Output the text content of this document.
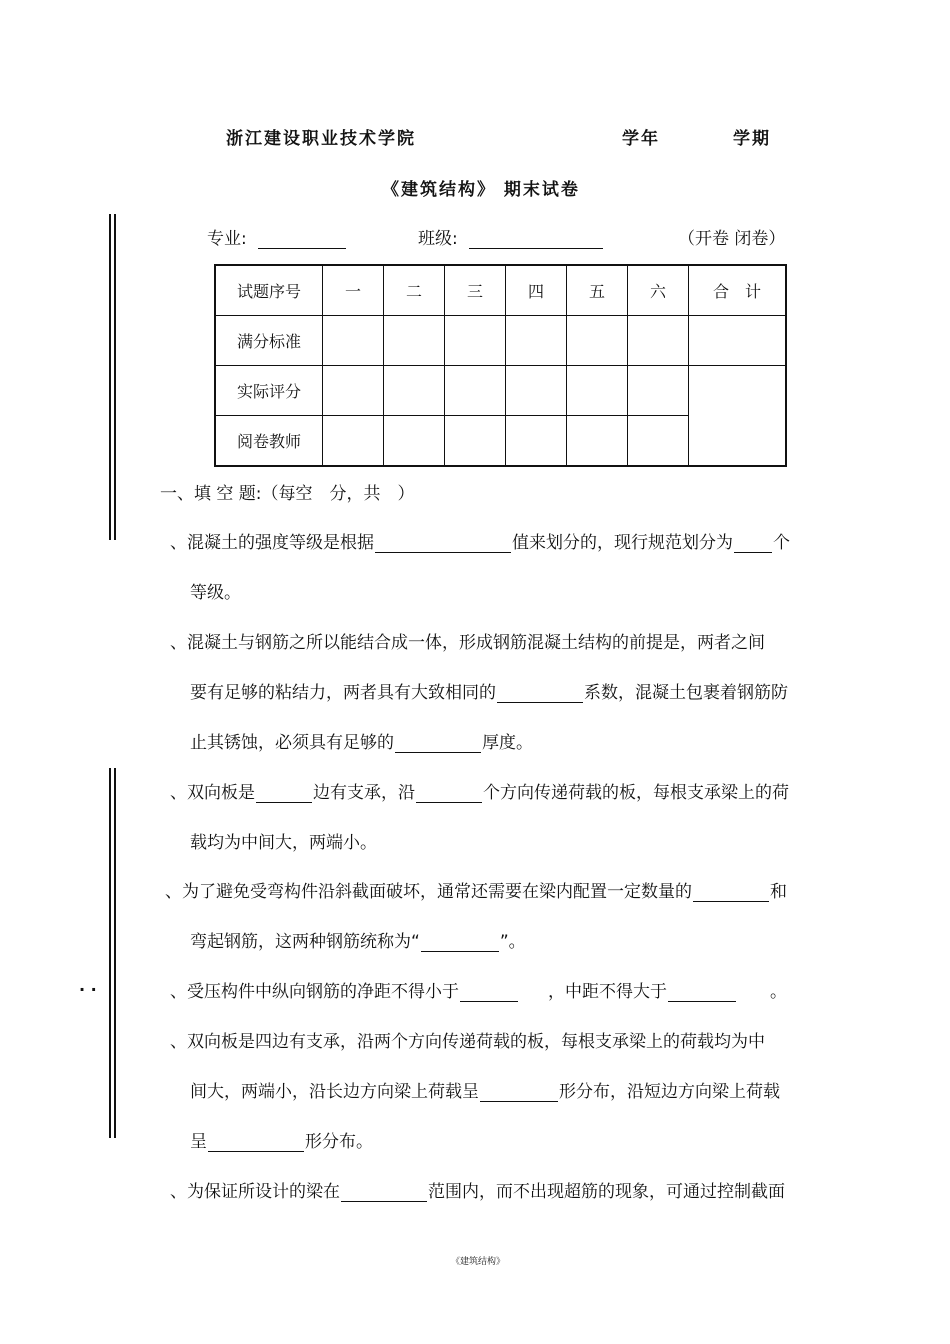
· ·
浙江建设职业技术学院	学年	学期
《建筑结构》 期末试卷
专业:	班级:	（开卷 闭卷）
试题序号	一	二	三	四	五	六	合　计
满分标准							
实际评分							
阅卷教师							
一、填 空 题:（每空　分，共　）
、混凝土的强度等级是根据	值来划分的，现行规范划分为 个
等级。
、混凝土与钢筋之所以能结合成一体，形成钢筋混凝土结构的前提是，两者之间
要有足够的粘结力，两者具有大致相同的	系数，混凝土包裹着钢筋防
止其锈蚀，必须具有足够的	厚度。
、双向板是	边有支承，沿	个方向传递荷载的板，每根支承梁上的荷
载均为中间大，两端小。
、为了避免受弯构件沿斜截面破坏，通常还需要在梁内配置一定数量的	和
弯起钢筋，这两种钢筋统称为“	”。
、受压构件中纵向钢筋的净距不得小于	，中距不得大于	。
、双向板是四边有支承，沿两个方向传递荷载的板，每根支承梁上的荷载均为中
间大，两端小，沿长边方向梁上荷载呈	形分布，沿短边方向梁上荷载
呈	形分布。
、为保证所设计的梁在	范围内，而不出现超筋的现象，可通过控制截面
《建筑结构》
